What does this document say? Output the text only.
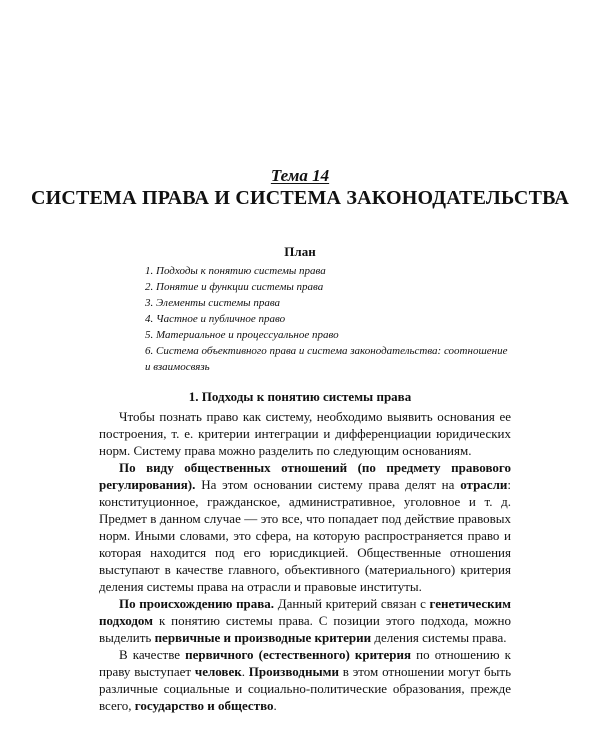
Тема 14
СИСТЕМА ПРАВА И СИСТЕМА ЗАКОНОДАТЕЛЬСТВА
План
1. Подходы к понятию системы права
2. Понятие и функции системы права
3. Элементы системы права
4. Частное и публичное право
5. Материальное и процессуальное право
6. Система объективного права и система законодательства: соотношение и взаимосвязь
1. Подходы к понятию системы права

Чтобы познать право как систему, необходимо выявить основания ее построения, т. е. критерии интеграции и дифференциации юридических норм. Систему права можно разделить по следующим основаниям.

По виду общественных отношений (по предмету правового регулирования). На этом основании систему права делят на отрасли: конституционное, гражданское, административное, уголовное и т. д. Предмет в данном случае — это все, что попадает под действие правовых норм. Иными словами, это сфера, на которую распространяется право и которая находится под его юрисдикцией. Общественные отношения выступают в качестве главного, объективного (материального) критерия деления системы права на отрасли и правовые институты.

По происхождению права. Данный критерий связан с генетическим подходом к понятию системы права. С позиции этого подхода, можно выделить первичные и производные критерии деления системы права.

В качестве первичного (естественного) критерия по отношению к праву выступает человек. Производными в этом отношении могут быть различные социальные и социально-политические образования, прежде всего, государство и общество.
